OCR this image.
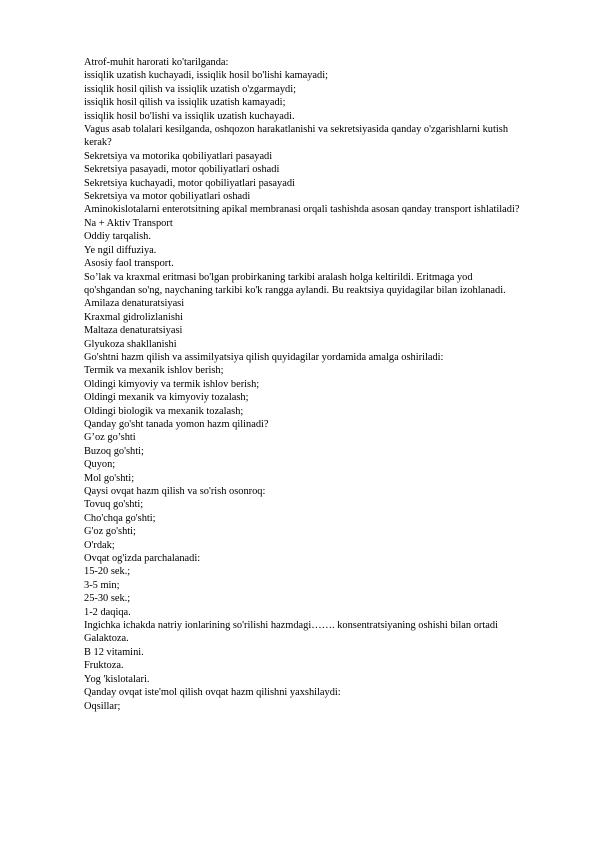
Atrof-muhit harorati ko'tarilganda:
issiqlik uzatish kuchayadi, issiqlik hosil bo'lishi kamayadi;
issiqlik hosil qilish va issiqlik uzatish o'zgarmaydi;
issiqlik hosil qilish va issiqlik uzatish kamayadi;
issiqlik hosil bo'lishi va issiqlik uzatish kuchayadi.
Vagus asab tolalari kesilganda, oshqozon harakatlanishi va sekretsiyasida qanday o'zgarishlarni kutish kerak?
Sekretsiya va motorika qobiliyatlari pasayadi
Sekretsiya pasayadi, motor qobiliyatlari oshadi
Sekretsiya kuchayadi, motor qobiliyatlari pasayadi
Sekretsiya va motor qobiliyatlari oshadi
Aminokislotalarni enterotsitning apikal membranasi orqali tashishda asosan qanday transport ishlatiladi?
Na + Aktiv Transport
Oddiy tarqalish.
Ye ngil diffuziya.
Asosiy faol transport.
So’lak va kraxmal eritmasi bo'lgan probirkaning tarkibi aralash holga keltirildi. Eritmaga yod qo'shgandan so'ng, naychaning tarkibi ko'k rangga aylandi. Bu reaktsiya quyidagilar bilan izohlanadi.
Amilaza denaturatsiyasi
Kraxmal gidrolizlanishi
Maltaza denaturatsiyasi
Glyukoza shakllanishi
Go'shtni hazm qilish va assimilyatsiya qilish quyidagilar yordamida amalga oshiriladi:
Termik va mexanik ishlov berish;
Oldingi kimyoviy va termik ishlov berish;
Oldingi mexanik va kimyoviy tozalash;
Oldingi biologik va mexanik tozalash;
Qanday go'sht tanada yomon hazm qilinadi?
G’oz go’shti
Buzoq go'shti;
Quyon;
Mol go'shti;
Qaysi ovqat hazm qilish va so'rish osonroq:
Tovuq go'shti;
Cho'chqa go'shti;
G'oz go'shti;
O'rdak;
Ovqat og'izda parchalanadi:
15-20 sek.;
3-5 min;
25-30 sek.;
1-2 daqiqa.
Ingichka ichakda natriy ionlarining so'rilishi hazmdagi……. konsentratsiyaning oshishi bilan ortadi
Galaktoza.
B 12 vitamini.
Fruktoza.
Yog 'kislotalari.
Qanday ovqat iste'mol qilish ovqat hazm qilishni yaxshilaydi:
Oqsillar;
